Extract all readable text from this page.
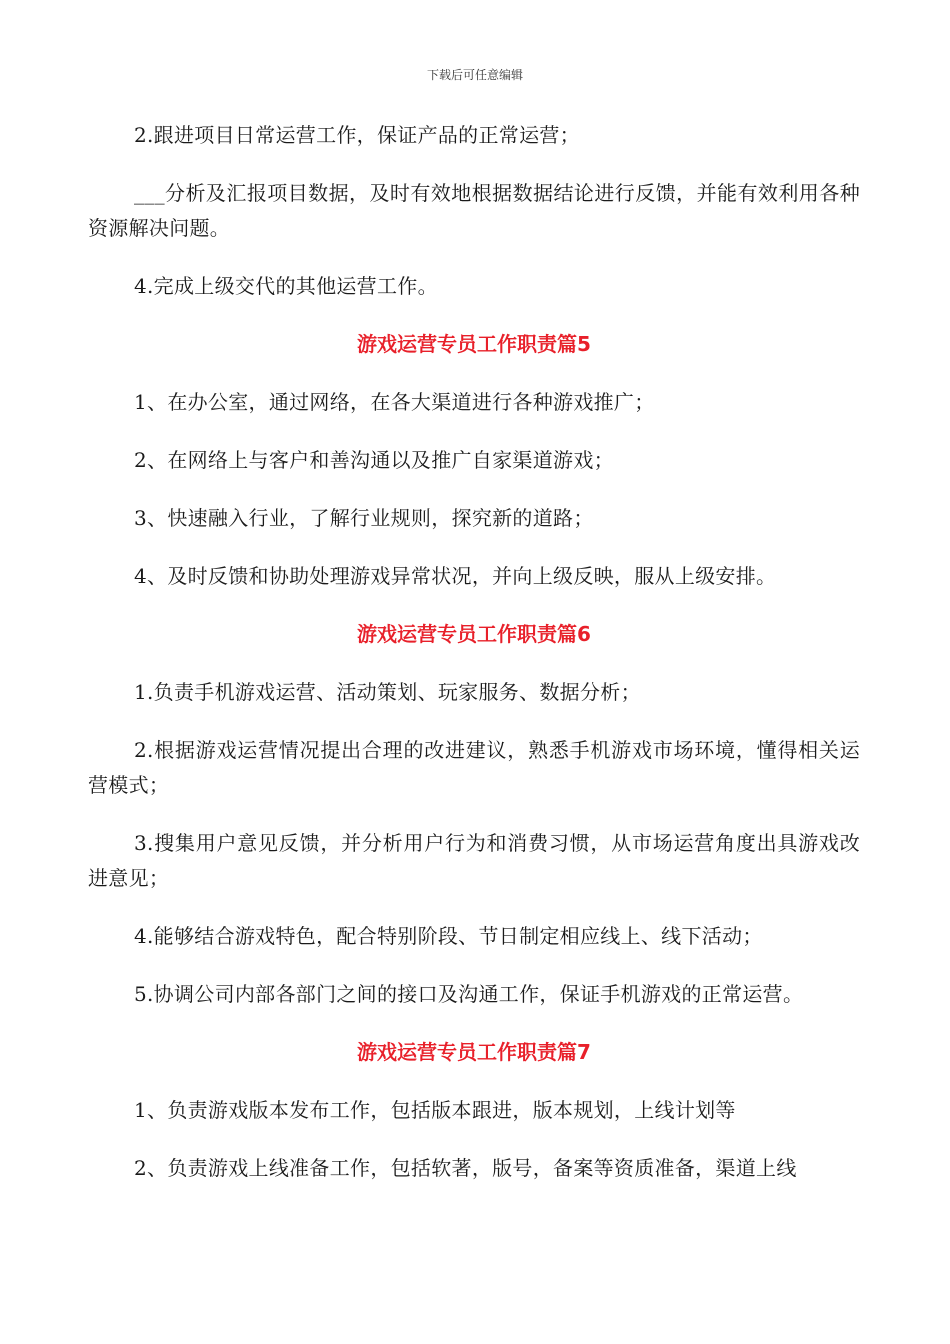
下载后可任意编辑

2.跟进项目日常运营工作，保证产品的正常运营；

___分析及汇报项目数据，及时有效地根据数据结论进行反馈，并能有效利用各种资源解决问题。

4.完成上级交代的其他运营工作。

游戏运营专员工作职责篇5

1、在办公室，通过网络，在各大渠道进行各种游戏推广；

2、在网络上与客户和善沟通以及推广自家渠道游戏；

3、快速融入行业，了解行业规则，探究新的道路；

4、及时反馈和协助处理游戏异常状况，并向上级反映，服从上级安排。

游戏运营专员工作职责篇6

1.负责手机游戏运营、活动策划、玩家服务、数据分析；

2.根据游戏运营情况提出合理的改进建议，熟悉手机游戏市场环境，懂得相关运营模式；

3.搜集用户意见反馈，并分析用户行为和消费习惯，从市场运营角度出具游戏改进意见；

4.能够结合游戏特色，配合特别阶段、节日制定相应线上、线下活动；

5.协调公司内部各部门之间的接口及沟通工作，保证手机游戏的正常运营。

游戏运营专员工作职责篇7

1、负责游戏版本发布工作，包括版本跟进，版本规划，上线计划等

2、负责游戏上线准备工作，包括软著，版号，备案等资质准备，渠道上线
